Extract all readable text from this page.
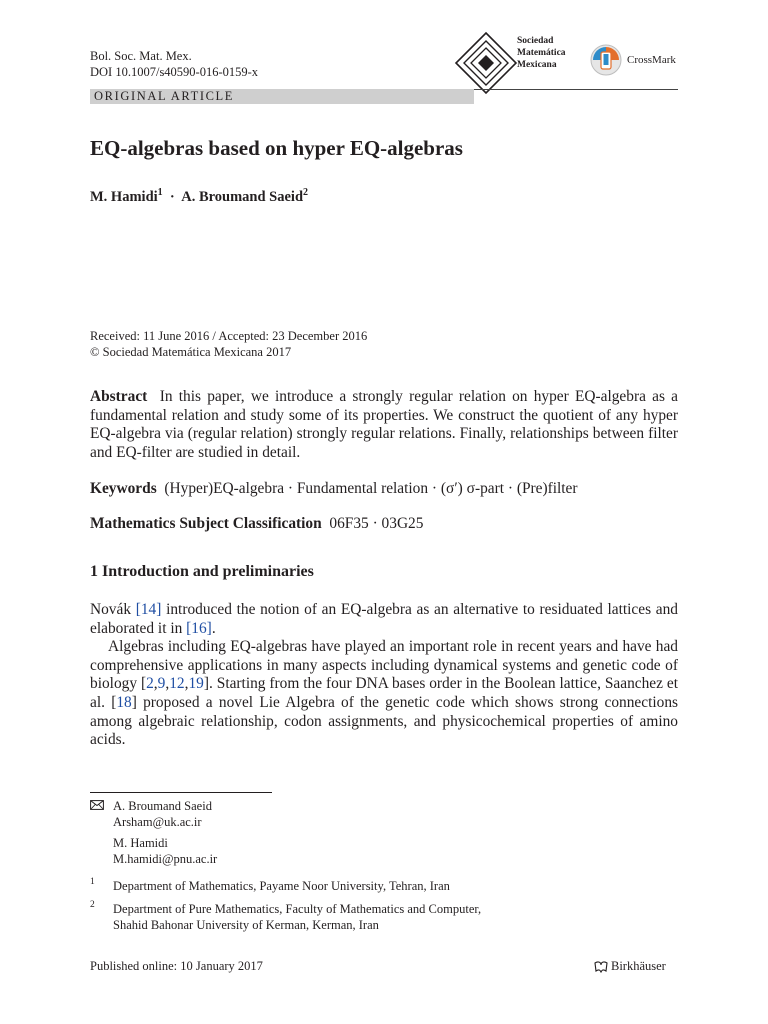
Bol. Soc. Mat. Mex.
DOI 10.1007/s40590-016-0159-x
Sociedad
Matemática
Mexicana	CrossMark
ORIGINAL ARTICLE
EQ-algebras based on hyper EQ-algebras
M. Hamidi$^1$ · A. Broumand Saeid$^2$
Received: 11 June 2016 / Accepted: 23 December 2016
© Sociedad Matemática Mexicana 2017
Abstract In this paper, we introduce a strongly regular relation on hyper EQ-algebra as a fundamental relation and study some of its properties. We construct the quotient of any hyper EQ-algebra via (regular relation) strongly regular relations. Finally, relationships between filter and EQ-filter are studied in detail.
Keywords (Hyper)EQ-algebra · Fundamental relation · (σ′) σ-part · (Pre)filter
Mathematics Subject Classification 06F35 · 03G25
1 Introduction and preliminaries

Novák [14] introduced the notion of an EQ-algebra as an alternative to residuated lattices and elaborated it in [16].

Algebras including EQ-algebras have played an important role in recent years and have had comprehensive applications in many aspects including dynamical systems and genetic code of biology [2,9,12,19]. Starting from the four DNA bases order in the Boolean lattice, Saanchez et al. [18] proposed a novel Lie Algebra of the genetic code which shows strong connections among algebraic relationship, codon assignments, and physicochemical properties of amino acids.

A. Broumand Saeid
Arsham@uk.ac.ir
M. Hamidi
M.hamidi@pnu.ac.ir
1	Department of Mathematics, Payame Noor University, Tehran, Iran
2	Department of Pure Mathematics, Faculty of Mathematics and Computer,
Shahid Bahonar University of Kerman, Kerman, Iran
Published online: 10 January 2017	Birkhäuser
